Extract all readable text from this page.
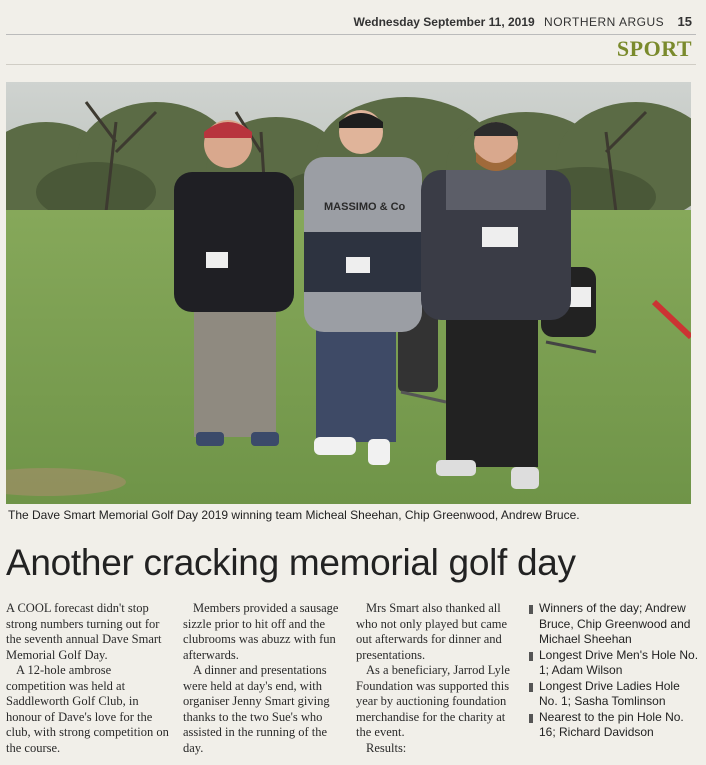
Wednesday September 11, 2019 NORTHERN ARGUS 15
SPORT
MASSIMO & Co
The Dave Smart Memorial Golf Day 2019 winning team Micheal Sheehan, Chip Greenwood, Andrew Bruce.
Another cracking memorial golf day

A COOL forecast didn't stop strong numbers turning out for the seventh annual Dave Smart Memorial Golf Day.

A 12-hole ambrose competition was held at Saddleworth Golf Club, in honour of Dave's love for the club, with strong competition on the course.

Members provided a sausage sizzle prior to hit off and the clubrooms was abuzz with fun afterwards.

A dinner and presentations were held at day's end, with organiser Jenny Smart giving thanks to the two Sue's who assisted in the running of the day.

Mrs Smart also thanked all who not only played but came out afterwards for dinner and presentations.

As a beneficiary, Jarrod Lyle Foundation was supported this year by auctioning foundation merchandise for the charity at the event.

Results:

Winners of the day; Andrew Bruce, Chip Greenwood and Michael Sheehan
Longest Drive Men's Hole No. 1; Adam Wilson
Longest Drive Ladies Hole No. 1; Sasha Tomlinson
Nearest to the pin Hole No. 16; Richard Davidson
